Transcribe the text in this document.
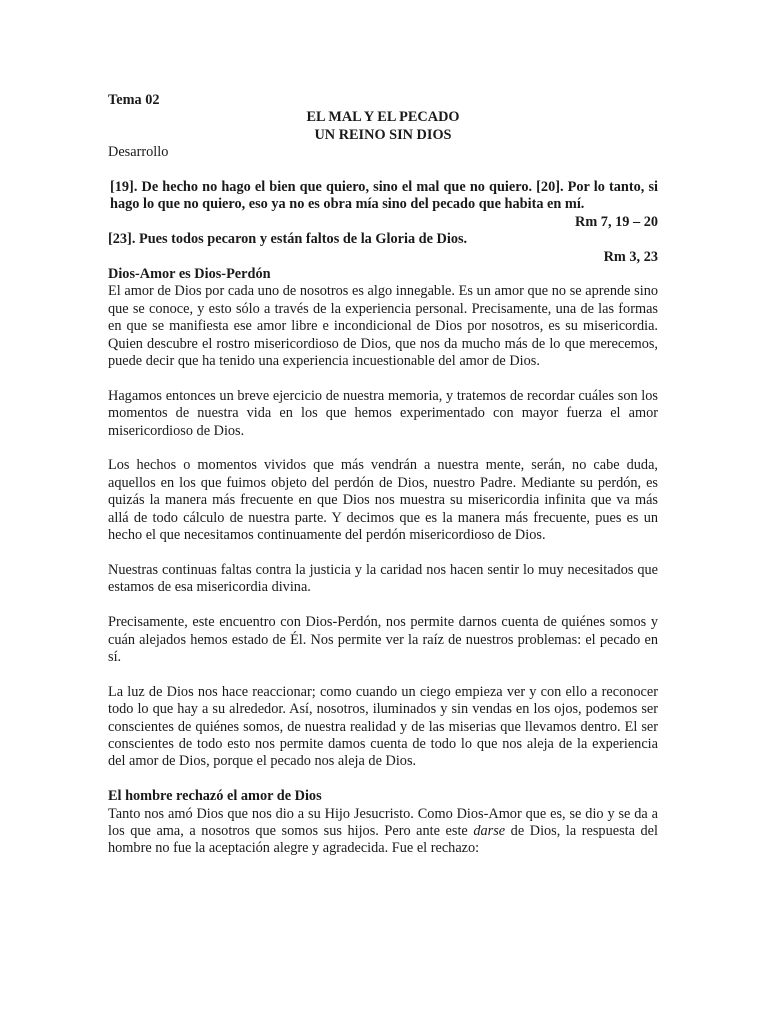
Tema 02

EL MAL Y EL PECADO

UN REINO SIN DIOS

Desarrollo

[19]. De hecho no hago el bien que quiero, sino el mal que no quiero. [20]. Por lo tanto, si hago lo que no quiero, eso ya no es obra mía sino del pecado que habita en mí.

Rm 7, 19 – 20

[23]. Pues todos pecaron y están faltos de la Gloria de Dios.

Rm 3, 23

Dios-Amor es Dios-Perdón

El amor de Dios por cada uno de nosotros es algo innegable. Es un amor que no se aprende sino que se conoce, y esto sólo a través de la experiencia personal. Precisamente, una de las formas en que se manifiesta ese amor libre e incondicional de Dios por nosotros, es su misericordia. Quien descubre el rostro misericordioso de Dios, que nos da mucho más de lo que merecemos, puede decir que ha tenido una experiencia incuestionable del amor de Dios.

Hagamos entonces un breve ejercicio de nuestra memoria, y tratemos de recordar cuáles son los momentos de nuestra vida en los que hemos experimentado con mayor fuerza el amor misericordioso de Dios.

Los hechos o momentos vividos que más vendrán a nuestra mente, serán, no cabe duda, aquellos en los que fuimos objeto del perdón de Dios, nuestro Padre. Mediante su perdón, es quizás la manera más frecuente en que Dios nos muestra su misericordia infinita que va más allá de todo cálculo de nuestra parte. Y decimos que es la manera más frecuente, pues es un hecho el que necesitamos continuamente del perdón misericordioso de Dios.

Nuestras continuas faltas contra la justicia y la caridad nos hacen sentir lo muy necesitados que estamos de esa misericordia divina.

Precisamente, este encuentro con Dios-Perdón, nos permite darnos cuenta de quiénes somos y cuán alejados hemos estado de Él. Nos permite ver la raíz de nuestros problemas: el pecado en sí.

La luz de Dios nos hace reaccionar; como cuando un ciego empieza ver y con ello a reconocer todo lo que hay a su alrededor. Así, nosotros, iluminados y sin vendas en los ojos, podemos ser conscientes de quiénes somos, de nuestra realidad y de las miserias que llevamos dentro. El ser conscientes de todo esto nos permite damos cuenta de todo lo que nos aleja de la experiencia del amor de Dios, porque el pecado nos aleja de Dios.

El hombre rechazó el amor de Dios

Tanto nos amó Dios que nos dio a su Hijo Jesucristo. Como Dios-Amor que es, se dio y se da a los que ama, a nosotros que somos sus hijos. Pero ante este darse de Dios, la respuesta del hombre no fue la aceptación alegre y agradecida. Fue el rechazo:
